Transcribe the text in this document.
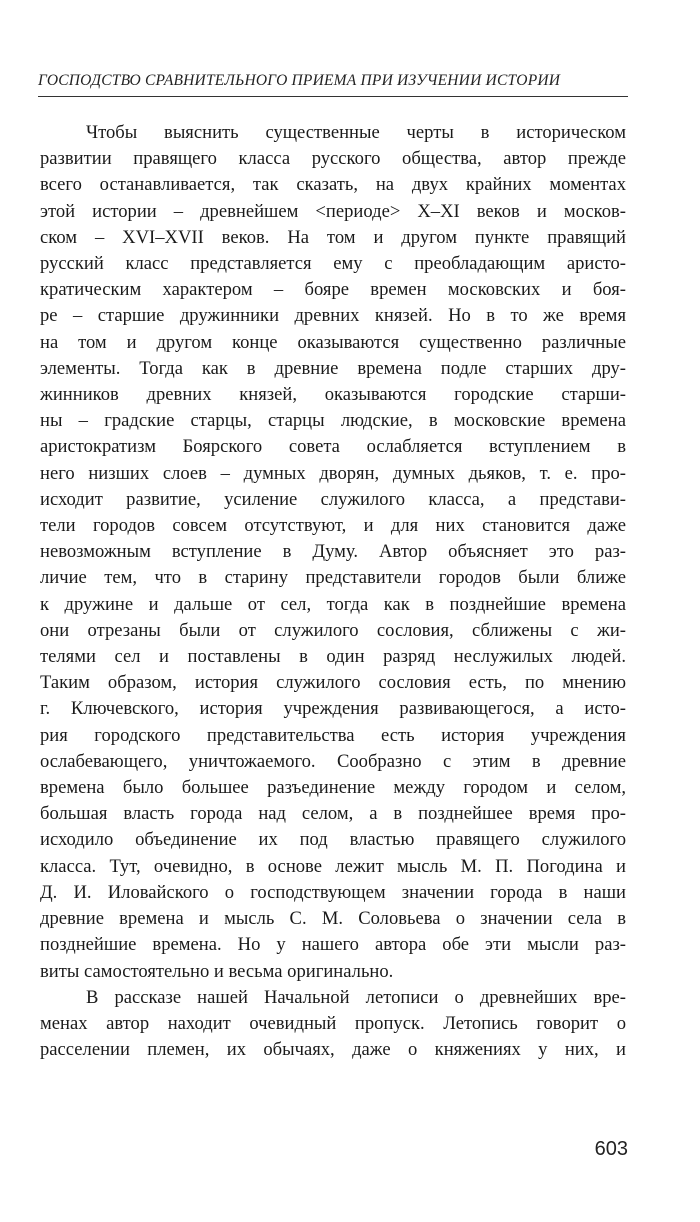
ГОСПОДСТВО СРАВНИТЕЛЬНОГО ПРИЕМА ПРИ ИЗУЧЕНИИ ИСТОРИИ
Чтобы выяснить существенные черты в историческом
развитии правящего класса русского общества, автор прежде
всего останавливается, так сказать, на двух крайних моментах
этой истории – древнейшем <периоде> X–XI веков и москов-
ском – XVI–XVII веков. На том и другом пункте правящий
русский класс представляется ему с преобладающим аристо-
кратическим характером – бояре времен московских и боя-
ре – старшие дружинники древних князей. Но в то же время
на том и другом конце оказываются существенно различные
элементы. Тогда как в древние времена подле старших дру-
жинников древних князей, оказываются городские старши-
ны – градские старцы, старцы людские, в московские времена
аристократизм Боярского совета ослабляется вступлением в
него низших слоев – думных дворян, думных дьяков, т. е. про-
исходит развитие, усиление служилого класса, а представи-
тели городов совсем отсутствуют, и для них становится даже
невозможным вступление в Думу. Автор объясняет это раз-
личие тем, что в старину представители городов были ближе
к дружине и дальше от сел, тогда как в позднейшие времена
они отрезаны были от служилого сословия, сближены с жи-
телями сел и поставлены в один разряд неслужилых людей.
Таким образом, история служилого сословия есть, по мнению
г. Ключевского, история учреждения развивающегося, а исто-
рия городского представительства есть история учреждения
ослабевающего, уничтожаемого. Сообразно с этим в древние
времена было большее разъединение между городом и селом,
большая власть города над селом, а в позднейшее время про-
исходило объединение их под властью правящего служилого
класса. Тут, очевидно, в основе лежит мысль М. П. Погодина и
Д. И. Иловайского о господствующем значении города в наши
древние времена и мысль С. М. Соловьева о значении села в
позднейшие времена. Но у нашего автора обе эти мысли раз-
виты самостоятельно и весьма оригинально.
В рассказе нашей Начальной летописи о древнейших вре-
менах автор находит очевидный пропуск. Летопись говорит о
расселении племен, их обычаях, даже о княжениях у них, и
603
